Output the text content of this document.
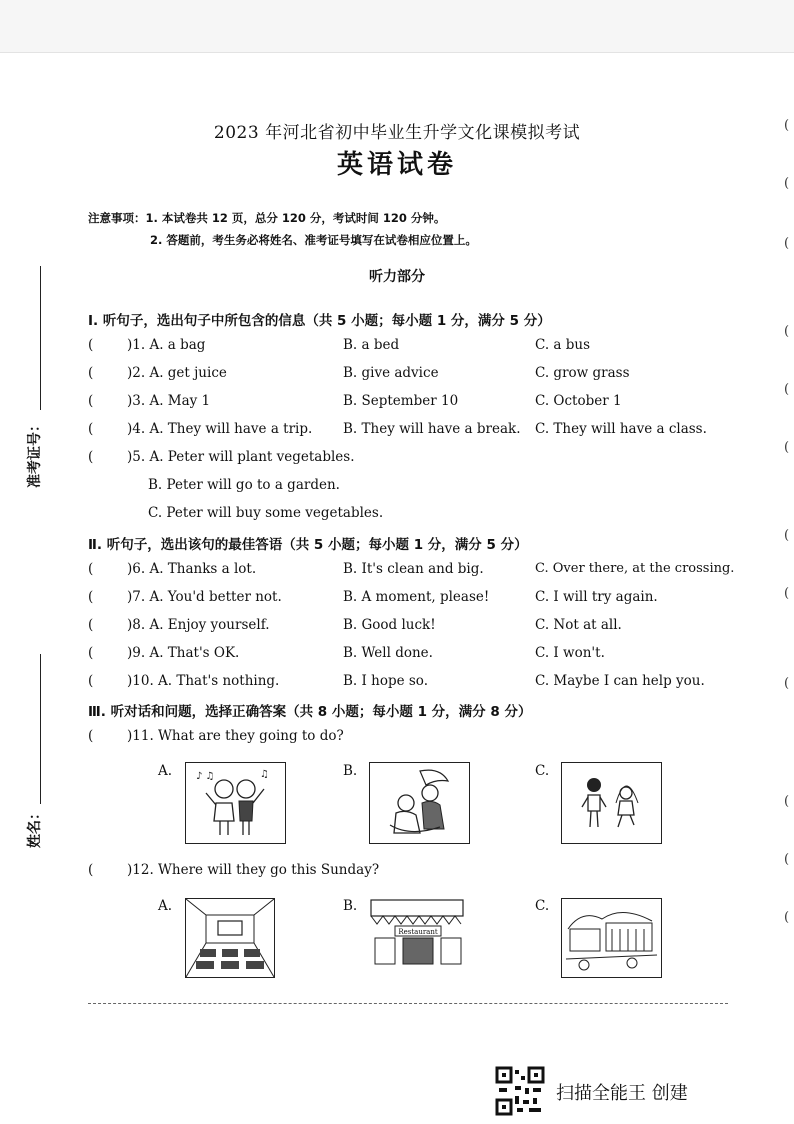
2023 年河北省初中毕业生升学文化课模拟考试
英语试卷
注意事项：1. 本试卷共 12 页，总分 120 分，考试时间 120 分钟。
2. 答题前，考生务必将姓名、准考证号填写在试卷相应位置上。
听力部分
准考证号：
姓名：
Ⅰ. 听句子，选出句子中所包含的信息（共 5 小题；每小题 1 分，满分 5 分）
( )1. A. a bag	B. a bed	C. a bus
( )2. A. get juice	B. give advice	C. grow grass
( )3. A. May 1	B. September 10	C. October 1
( )4. A. They will have a trip. B. They will have a break. C. They will have a class.
( )5. A. Peter will plant vegetables.
B. Peter will go to a garden.
C. Peter will buy some vegetables.
Ⅱ. 听句子，选出该句的最佳答语（共 5 小题；每小题 1 分，满分 5 分）
( )6. A. Thanks a lot.	B. It's clean and big.	C. Over there, at the crossing.
( )7. A. You'd better not.	B. A moment, please!	C. I will try again.
( )8. A. Enjoy yourself.	B. Good luck!	C. Not at all.
( )9. A. That's OK.	B. Well done.	C. I won't.
( )10. A. That's nothing.	B. I hope so.	C. Maybe I can help you.
Ⅲ. 听对话和问题，选择正确答案（共 8 小题；每小题 1 分，满分 8 分）
( )11. What are they going to do?
A. ♪ ♫	♫	B.	C.
( )12. Where will they go this Sunday?
A.	B.
Restaurant
C.
(
(
(
(
(
(
(
(
(
(
(
(
扫描全能王 创建
